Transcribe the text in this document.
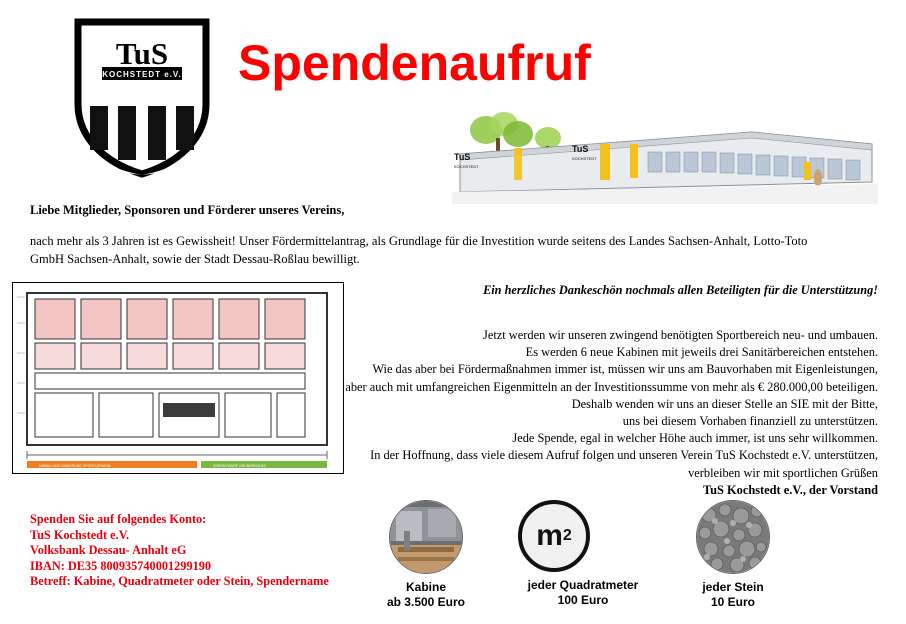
TuS
KOCHSTEDT e.V.	Spendenaufruf
TuS
KOCHSTEDT
TuS
KOCHSTEDT
Liebe Mitglieder, Sponsoren und Förderer unseres Vereins,
nach mehr als 3 Jahren ist es Gewissheit! Unser Fördermittelantrag, als Grundlage für die Investition wurde seitens des Landes Sachsen-Anhalt, Lotto-Toto GmbH Sachsen-Anhalt, sowie der Stadt Dessau-Roßlau bewilligt.
Ein herzliches Dankeschön nochmals allen Beteiligten für die Unterstützung!
Jetzt werden wir unseren zwingend benötigten Sportbereich neu- und umbauen.
Es werden 6 neue Kabinen mit jeweils drei Sanitärbereichen entstehen.
Wie das aber bei Fördermaßnahmen immer ist, müssen wir uns am Bauvorhaben mit Eigenleistungen,
aber auch mit umfangreichen Eigenmitteln an der Investitionssumme von mehr als € 280.000,00 beteiligen.
Deshalb wenden wir uns an dieser Stelle an SIE mit der Bitte,
uns bei diesem Vorhaben finanziell zu unterstützen.
Jede Spende, egal in welcher Höhe auch immer, ist uns sehr willkommen.
In der Hoffnung, dass viele diesem Aufruf folgen und unseren Verein TuS Kochstedt e.V. unterstützen,
verbleiben wir mit sportlichen Grüßen
TuS Kochstedt e.V., der Vorstand
UMBAU UND SANIERUNG SPORTLERHEIM	VORENTWURF GRUNDRISS EG
Spenden Sie auf folgendes Konto:
TuS Kochstedt e.V.
Volksbank Dessau- Anhalt eG
IBAN: DE35 800935740001299190
Betreff: Kabine, Quadratmeter oder Stein, Spendername	Kabine
ab 3.500 Euro
m 2
jeder Quadratmeter
100 Euro
jeder Stein
10 Euro
